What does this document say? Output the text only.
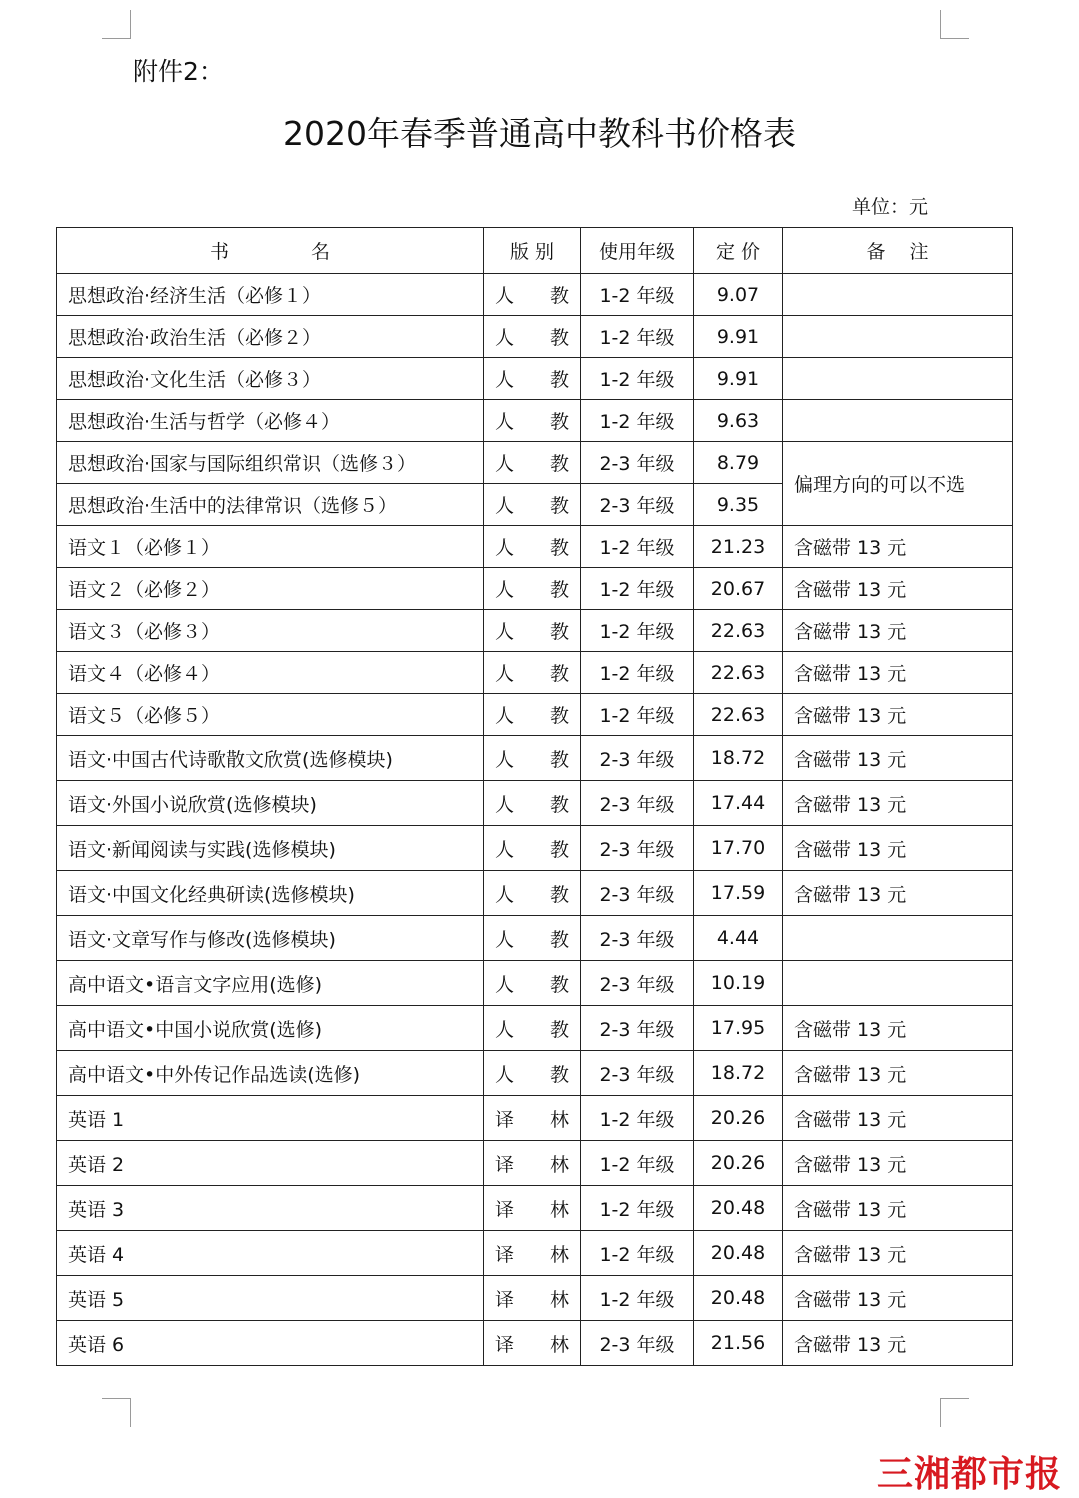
附件2：
2020年春季普通高中教科书价格表
单位：元
书　　名	版 别	使用年级	定 价	备 注
思想政治·经济生活（必修１）	人教	1-2 年级	9.07	
思想政治·政治生活（必修２）	人教	1-2 年级	9.91	
思想政治·文化生活（必修３）	人教	1-2 年级	9.91	
思想政治·生活与哲学（必修４）	人教	1-2 年级	9.63	
思想政治·国家与国际组织常识（选修３）	人教	2-3 年级	8.79	偏理方向的可以不选
思想政治·生活中的法律常识（选修５）	人教	2-3 年级	9.35	
语文１（必修１）	人教	1-2 年级	21.23	含磁带 13 元
语文２（必修２）	人教	1-2 年级	20.67	含磁带 13 元
语文３（必修３）	人教	1-2 年级	22.63	含磁带 13 元
语文４（必修４）	人教	1-2 年级	22.63	含磁带 13 元
语文５（必修５）	人教	1-2 年级	22.63	含磁带 13 元
语文·中国古代诗歌散文欣赏(选修模块)	人教	2-3 年级	18.72	含磁带 13 元
语文·外国小说欣赏(选修模块)	人教	2-3 年级	17.44	含磁带 13 元
语文·新闻阅读与实践(选修模块)	人教	2-3 年级	17.70	含磁带 13 元
语文·中国文化经典研读(选修模块)	人教	2-3 年级	17.59	含磁带 13 元
语文·文章写作与修改(选修模块)	人教	2-3 年级	4.44	
高中语文•语言文字应用(选修)	人教	2-3 年级	10.19	
高中语文•中国小说欣赏(选修)	人教	2-3 年级	17.95	含磁带 13 元
高中语文•中外传记作品选读(选修)	人教	2-3 年级	18.72	含磁带 13 元
英语 1	译林	1-2 年级	20.26	含磁带 13 元
英语 2	译林	1-2 年级	20.26	含磁带 13 元
英语 3	译林	1-2 年级	20.48	含磁带 13 元
英语 4	译林	1-2 年级	20.48	含磁带 13 元
英语 5	译林	1-2 年级	20.48	含磁带 13 元
英语 6	译林	2-3 年级	21.56	含磁带 13 元
三湘都市报
